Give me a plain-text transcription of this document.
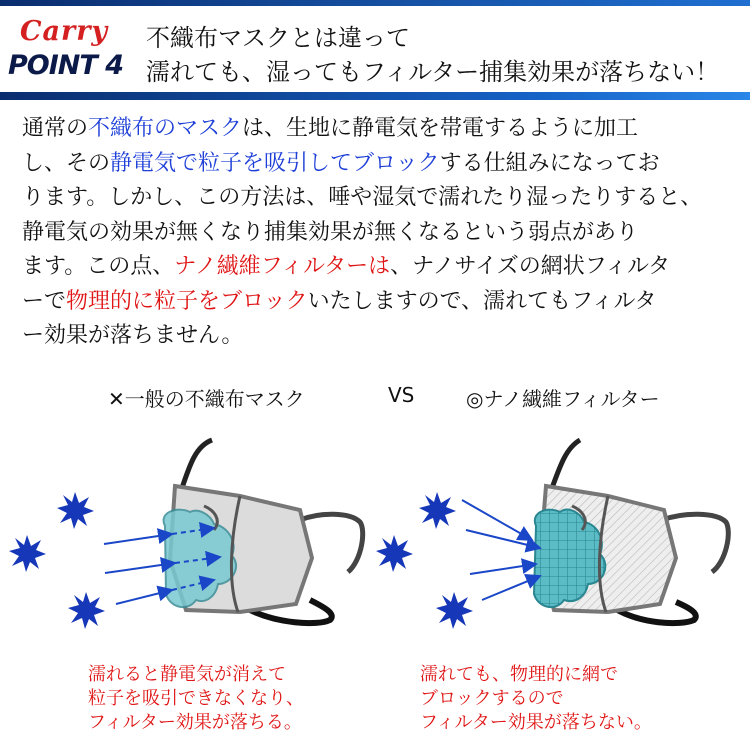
Carry
POINT 4
不織布マスクとは違って
濡れても、湿ってもフィルター捕集効果が落ちない！
通常の不織布のマスクは、生地に静電気を帯電するように加工
し、その静電気で粒子を吸引してブロックする仕組みになってお
ります。しかし、この方法は、唾や湿気で濡れたり湿ったりすると、
静電気の効果が無くなり捕集効果が無くなるという弱点があり
ます。この点、ナノ繊維フィルターは、ナノサイズの網状フィルタ
ーで物理的に粒子をブロックいたしますので、濡れてもフィルタ
ー効果が落ちません。
✕一般の不織布マスク	VS	◎ナノ繊維フィルター
濡れると静電気が消えて
粒子を吸引できなくなり、
フィルター効果が落ちる。
濡れても、物理的に網で
ブロックするので
フィルター効果が落ちない。
